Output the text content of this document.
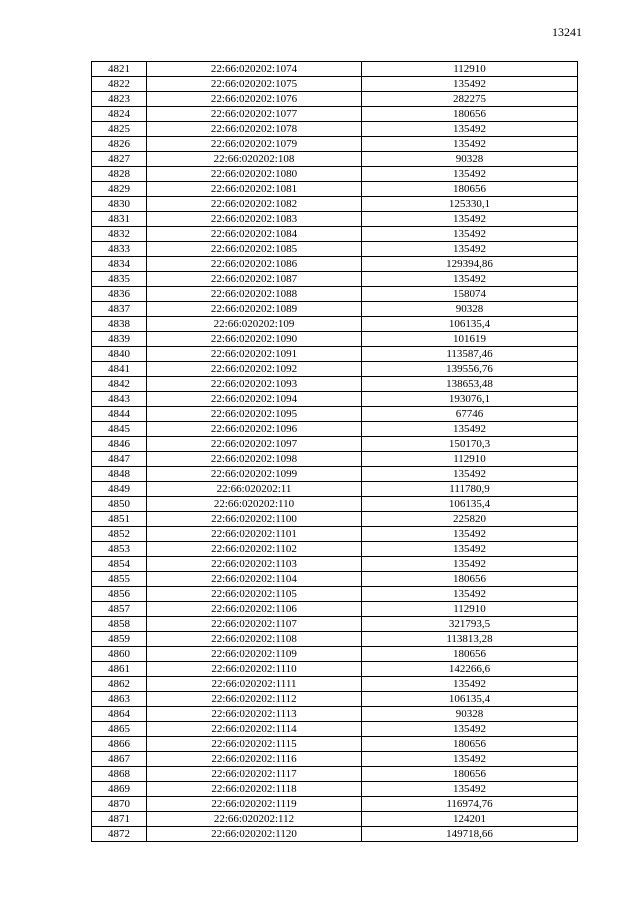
13241
4821	22:66:020202:1074	112910
4822	22:66:020202:1075	135492
4823	22:66:020202:1076	282275
4824	22:66:020202:1077	180656
4825	22:66:020202:1078	135492
4826	22:66:020202:1079	135492
4827	22:66:020202:108	90328
4828	22:66:020202:1080	135492
4829	22:66:020202:1081	180656
4830	22:66:020202:1082	125330,1
4831	22:66:020202:1083	135492
4832	22:66:020202:1084	135492
4833	22:66:020202:1085	135492
4834	22:66:020202:1086	129394,86
4835	22:66:020202:1087	135492
4836	22:66:020202:1088	158074
4837	22:66:020202:1089	90328
4838	22:66:020202:109	106135,4
4839	22:66:020202:1090	101619
4840	22:66:020202:1091	113587,46
4841	22:66:020202:1092	139556,76
4842	22:66:020202:1093	138653,48
4843	22:66:020202:1094	193076,1
4844	22:66:020202:1095	67746
4845	22:66:020202:1096	135492
4846	22:66:020202:1097	150170,3
4847	22:66:020202:1098	112910
4848	22:66:020202:1099	135492
4849	22:66:020202:11	111780,9
4850	22:66:020202:110	106135,4
4851	22:66:020202:1100	225820
4852	22:66:020202:1101	135492
4853	22:66:020202:1102	135492
4854	22:66:020202:1103	135492
4855	22:66:020202:1104	180656
4856	22:66:020202:1105	135492
4857	22:66:020202:1106	112910
4858	22:66:020202:1107	321793,5
4859	22:66:020202:1108	113813,28
4860	22:66:020202:1109	180656
4861	22:66:020202:1110	142266,6
4862	22:66:020202:1111	135492
4863	22:66:020202:1112	106135,4
4864	22:66:020202:1113	90328
4865	22:66:020202:1114	135492
4866	22:66:020202:1115	180656
4867	22:66:020202:1116	135492
4868	22:66:020202:1117	180656
4869	22:66:020202:1118	135492
4870	22:66:020202:1119	116974,76
4871	22:66:020202:112	124201
4872	22:66:020202:1120	149718,66
